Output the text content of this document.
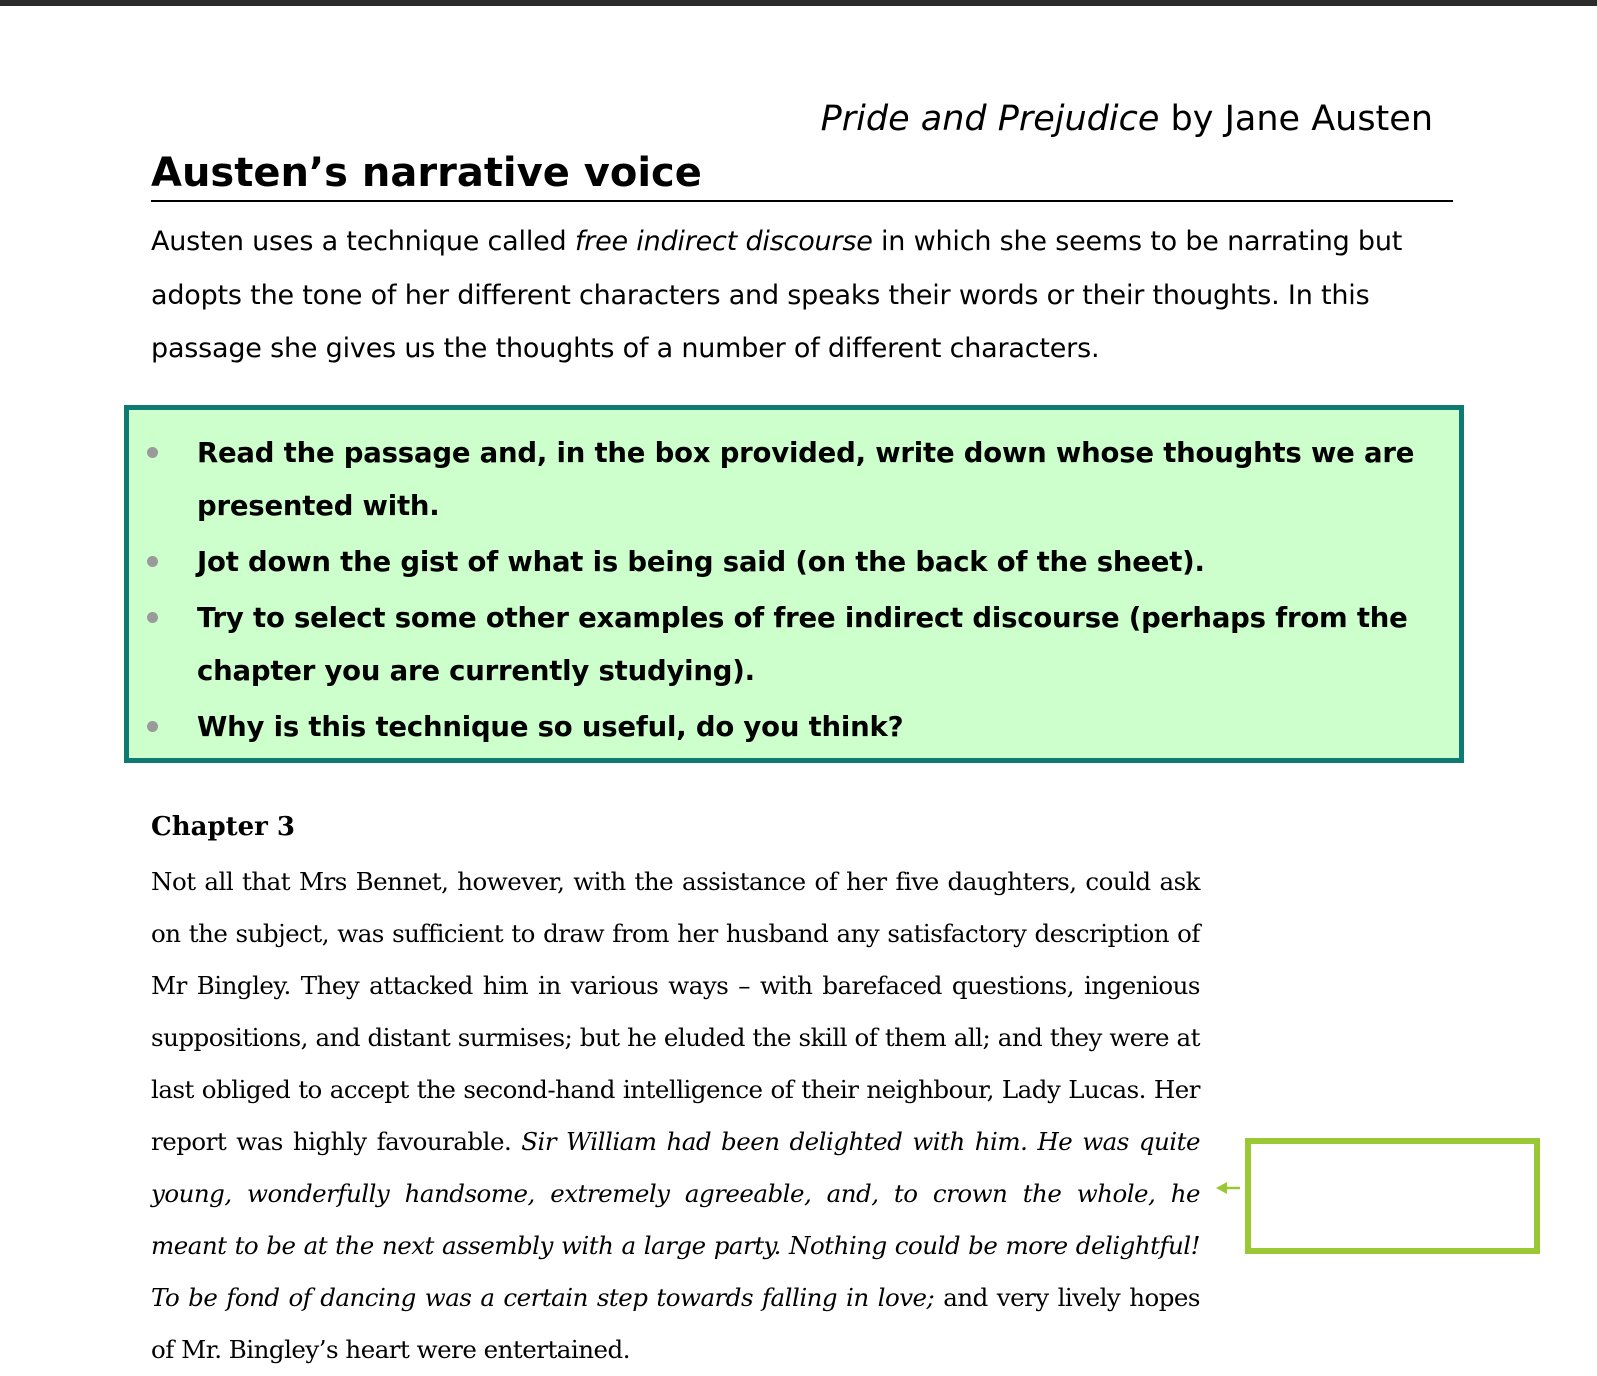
Pride and Prejudice by Jane Austen
Austen’s narrative voice

Austen uses a technique called free indirect discourse in which she seems to be narrating but adopts the tone of her different characters and speaks their words or their thoughts. In this passage she gives us the thoughts of a number of different characters.

Read the passage and, in the box provided, write down whose thoughts we are presented with.
Jot down the gist of what is being said (on the back of the sheet).
Try to select some other examples of free indirect discourse (perhaps from the chapter you are currently studying).
Why is this technique so useful, do you think?
Chapter 3

Not all that Mrs Bennet, however, with the assistance of her five daughters, could ask on the subject, was sufficient to draw from her husband any satisfactory description of Mr Bingley. They attacked him in various ways – with barefaced questions, ingenious suppositions, and distant surmises; but he eluded the skill of them all; and they were at last obliged to accept the second-hand intelligence of their neighbour, Lady Lucas. Her report was highly favourable. Sir William had been delighted with him. He was quite young, wonderfully handsome, extremely agreeable, and, to crown the whole, he meant to be at the next assembly with a large party. Nothing could be more delightful! To be fond of dancing was a certain step towards falling in love; and very lively hopes of Mr. Bingley’s heart were entertained.
